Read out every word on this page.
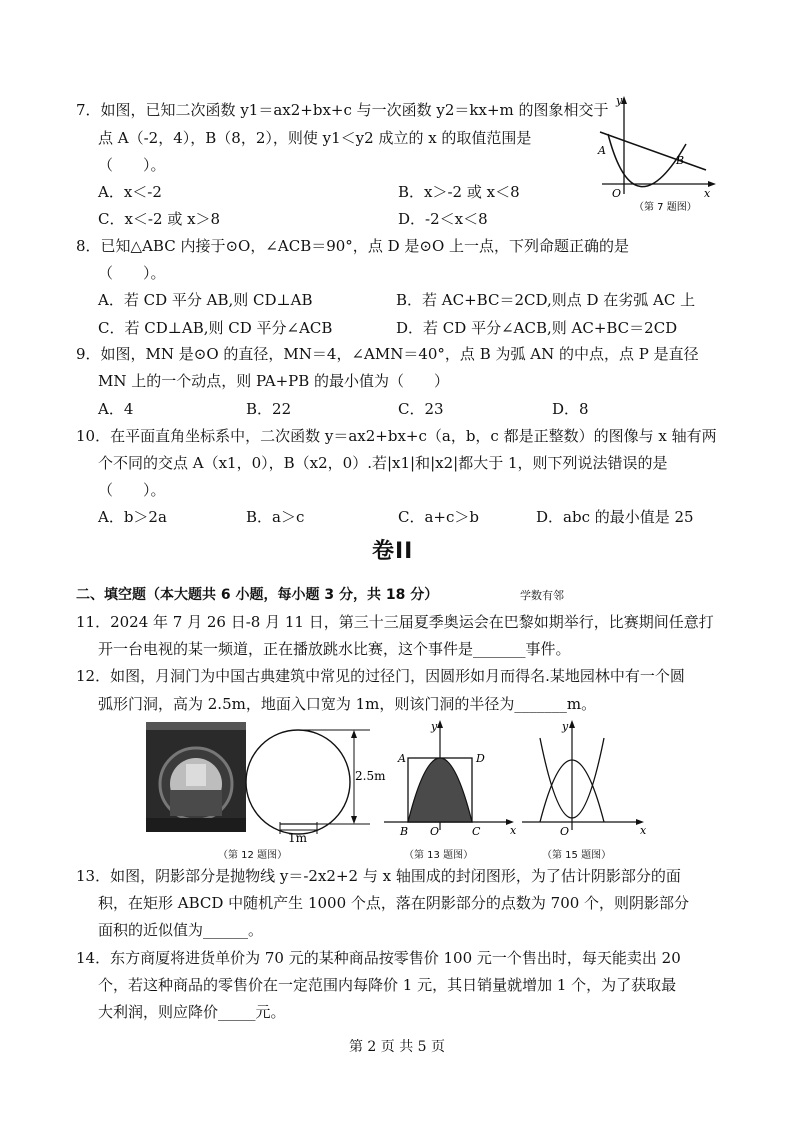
7．如图，已知二次函数 y1＝ax2+bx+c 与一次函数 y2＝kx+m 的图象相交于
点 A（-2，4），B（8，2），则使 y1＜y2 成立的 x 的取值范围是
（　　）。
A．x＜-2	B．x＞-2 或 x＜8
C．x＜-2 或 x＞8	D．-2＜x＜8
y
x
A
B
O
（第 7 题图）
8．已知△ABC 内接于⊙O，∠ACB＝90°，点 D 是⊙O 上一点，下列命题正确的是
（　　）。
A．若 CD 平分 AB,则 CD⊥AB	B．若 AC+BC＝2CD,则点 D 在劣弧 AC 上
C．若 CD⊥AB,则 CD 平分∠ACB	D．若 CD 平分∠ACB,则 AC+BC＝2CD
9．如图，MN 是⊙O 的直径，MN＝4，∠AMN＝40°，点 B 为弧 AN 的中点，点 P 是直径
MN 上的一个动点，则 PA+PB 的最小值为（　　）
A．4	B．22	C．23	D．8
10．在平面直角坐标系中，二次函数 y＝ax2+bx+c（a，b，c 都是正整数）的图像与 x 轴有两
个不同的交点 A（x1，0），B（x2，0）.若|x1|和|x2|都大于 1，则下列说法错误的是
（　　）。
A．b＞2a	B．a＞c	C．a+c＞b	D．abc 的最小值是 25
卷II
二、填空题（本大题共 6 小题，每小题 3 分，共 18 分）	学数有邻
11．2024 年 7 月 26 日-8 月 11 日，第三十三届夏季奥运会在巴黎如期举行，比赛期间任意打
开一台电视的某一频道，正在播放跳水比赛，这个事件是_______事件。
12．如图，月洞门为中国古典建筑中常见的过径门，因圆形如月而得名.某地园林中有一个圆
弧形门洞，高为 2.5m，地面入口宽为 1m，则该门洞的半径为_______m。
2.5m
1m
（第 12 题图）
y
x
A	D
B	C
O
（第 13 题图）
y
x
O
（第 15 题图）
13．如图，阴影部分是抛物线 y＝-2x2+2 与 x 轴围成的封闭图形，为了估计阴影部分的面
积，在矩形 ABCD 中随机产生 1000 个点，落在阴影部分的点数为 700 个，则阴影部分
面积的近似值为______。
14．东方商厦将进货单价为 70 元的某种商品按零售价 100 元一个售出时，每天能卖出 20
个，若这种商品的零售价在一定范围内每降价 1 元，其日销量就增加 1 个，为了获取最
大利润，则应降价_____元。
第 2 页 共 5 页
